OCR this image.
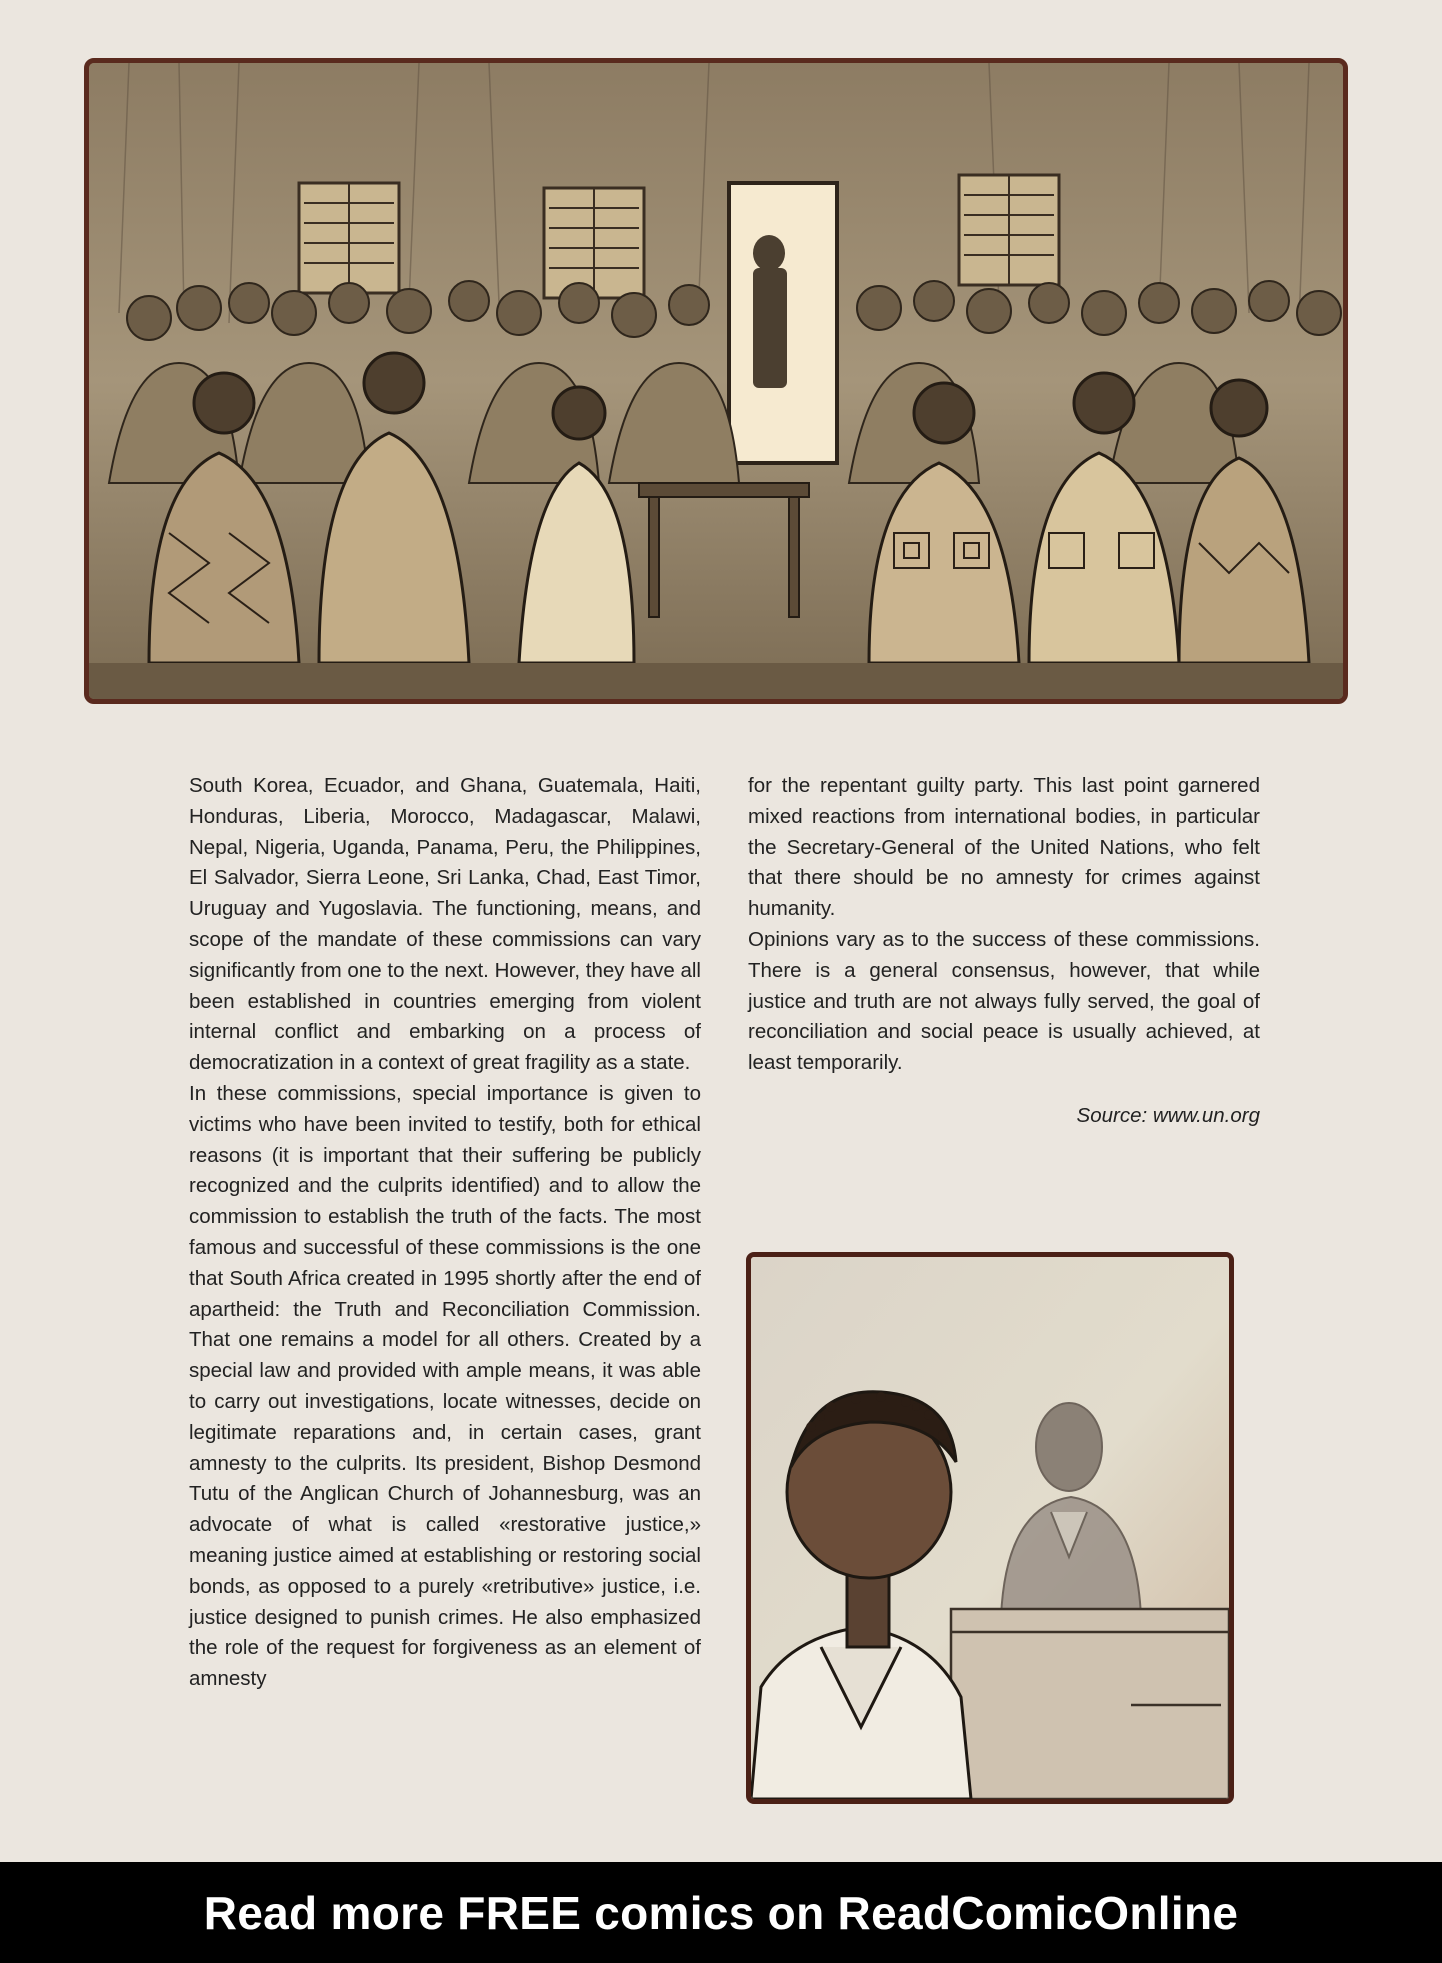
South Korea, Ecuador, and Ghana, Guatemala, Haiti, Honduras, Liberia, Morocco, Madagascar, Malawi, Nepal, Nigeria, Uganda, Panama, Peru, the Philippines, El Salvador, Sierra Leone, Sri Lanka, Chad, East Timor, Uruguay and Yugoslavia. The functioning, means, and scope of the mandate of these commissions can vary significantly from one to the next. However, they have all been established in countries emerging from violent internal conflict and embarking on a process of democratization in a context of great fragility as a state.

In these commissions, special importance is given to victims who have been invited to testify, both for ethical reasons (it is important that their suffering be publicly recognized and the culprits identified) and to allow the commission to establish the truth of the facts. The most famous and successful of these commissions is the one that South Africa created in 1995 shortly after the end of apartheid: the Truth and Reconciliation Commission. That one remains a model for all others. Created by a special law and provided with ample means, it was able to carry out investigations, locate witnesses, decide on legitimate reparations and, in certain cases, grant amnesty to the culprits. Its president, Bishop Desmond Tutu of the Anglican Church of Johannesburg, was an advocate of what is called «restorative justice,» meaning justice aimed at establishing or restoring social bonds, as opposed to a purely «retributive» justice, i.e. justice designed to punish crimes. He also emphasized the role of the request for forgiveness as an element of amnesty

for the repentant guilty party. This last point garnered mixed reactions from international bodies, in particular the Secretary-General of the United Nations, who felt that there should be no amnesty for crimes against humanity.

Opinions vary as to the success of these commissions. There is a general consensus, however, that while justice and truth are not always fully served, the goal of reconciliation and social peace is usually achieved, at least temporarily.

Source: www.un.org

Read more FREE comics on ReadComicOnline
